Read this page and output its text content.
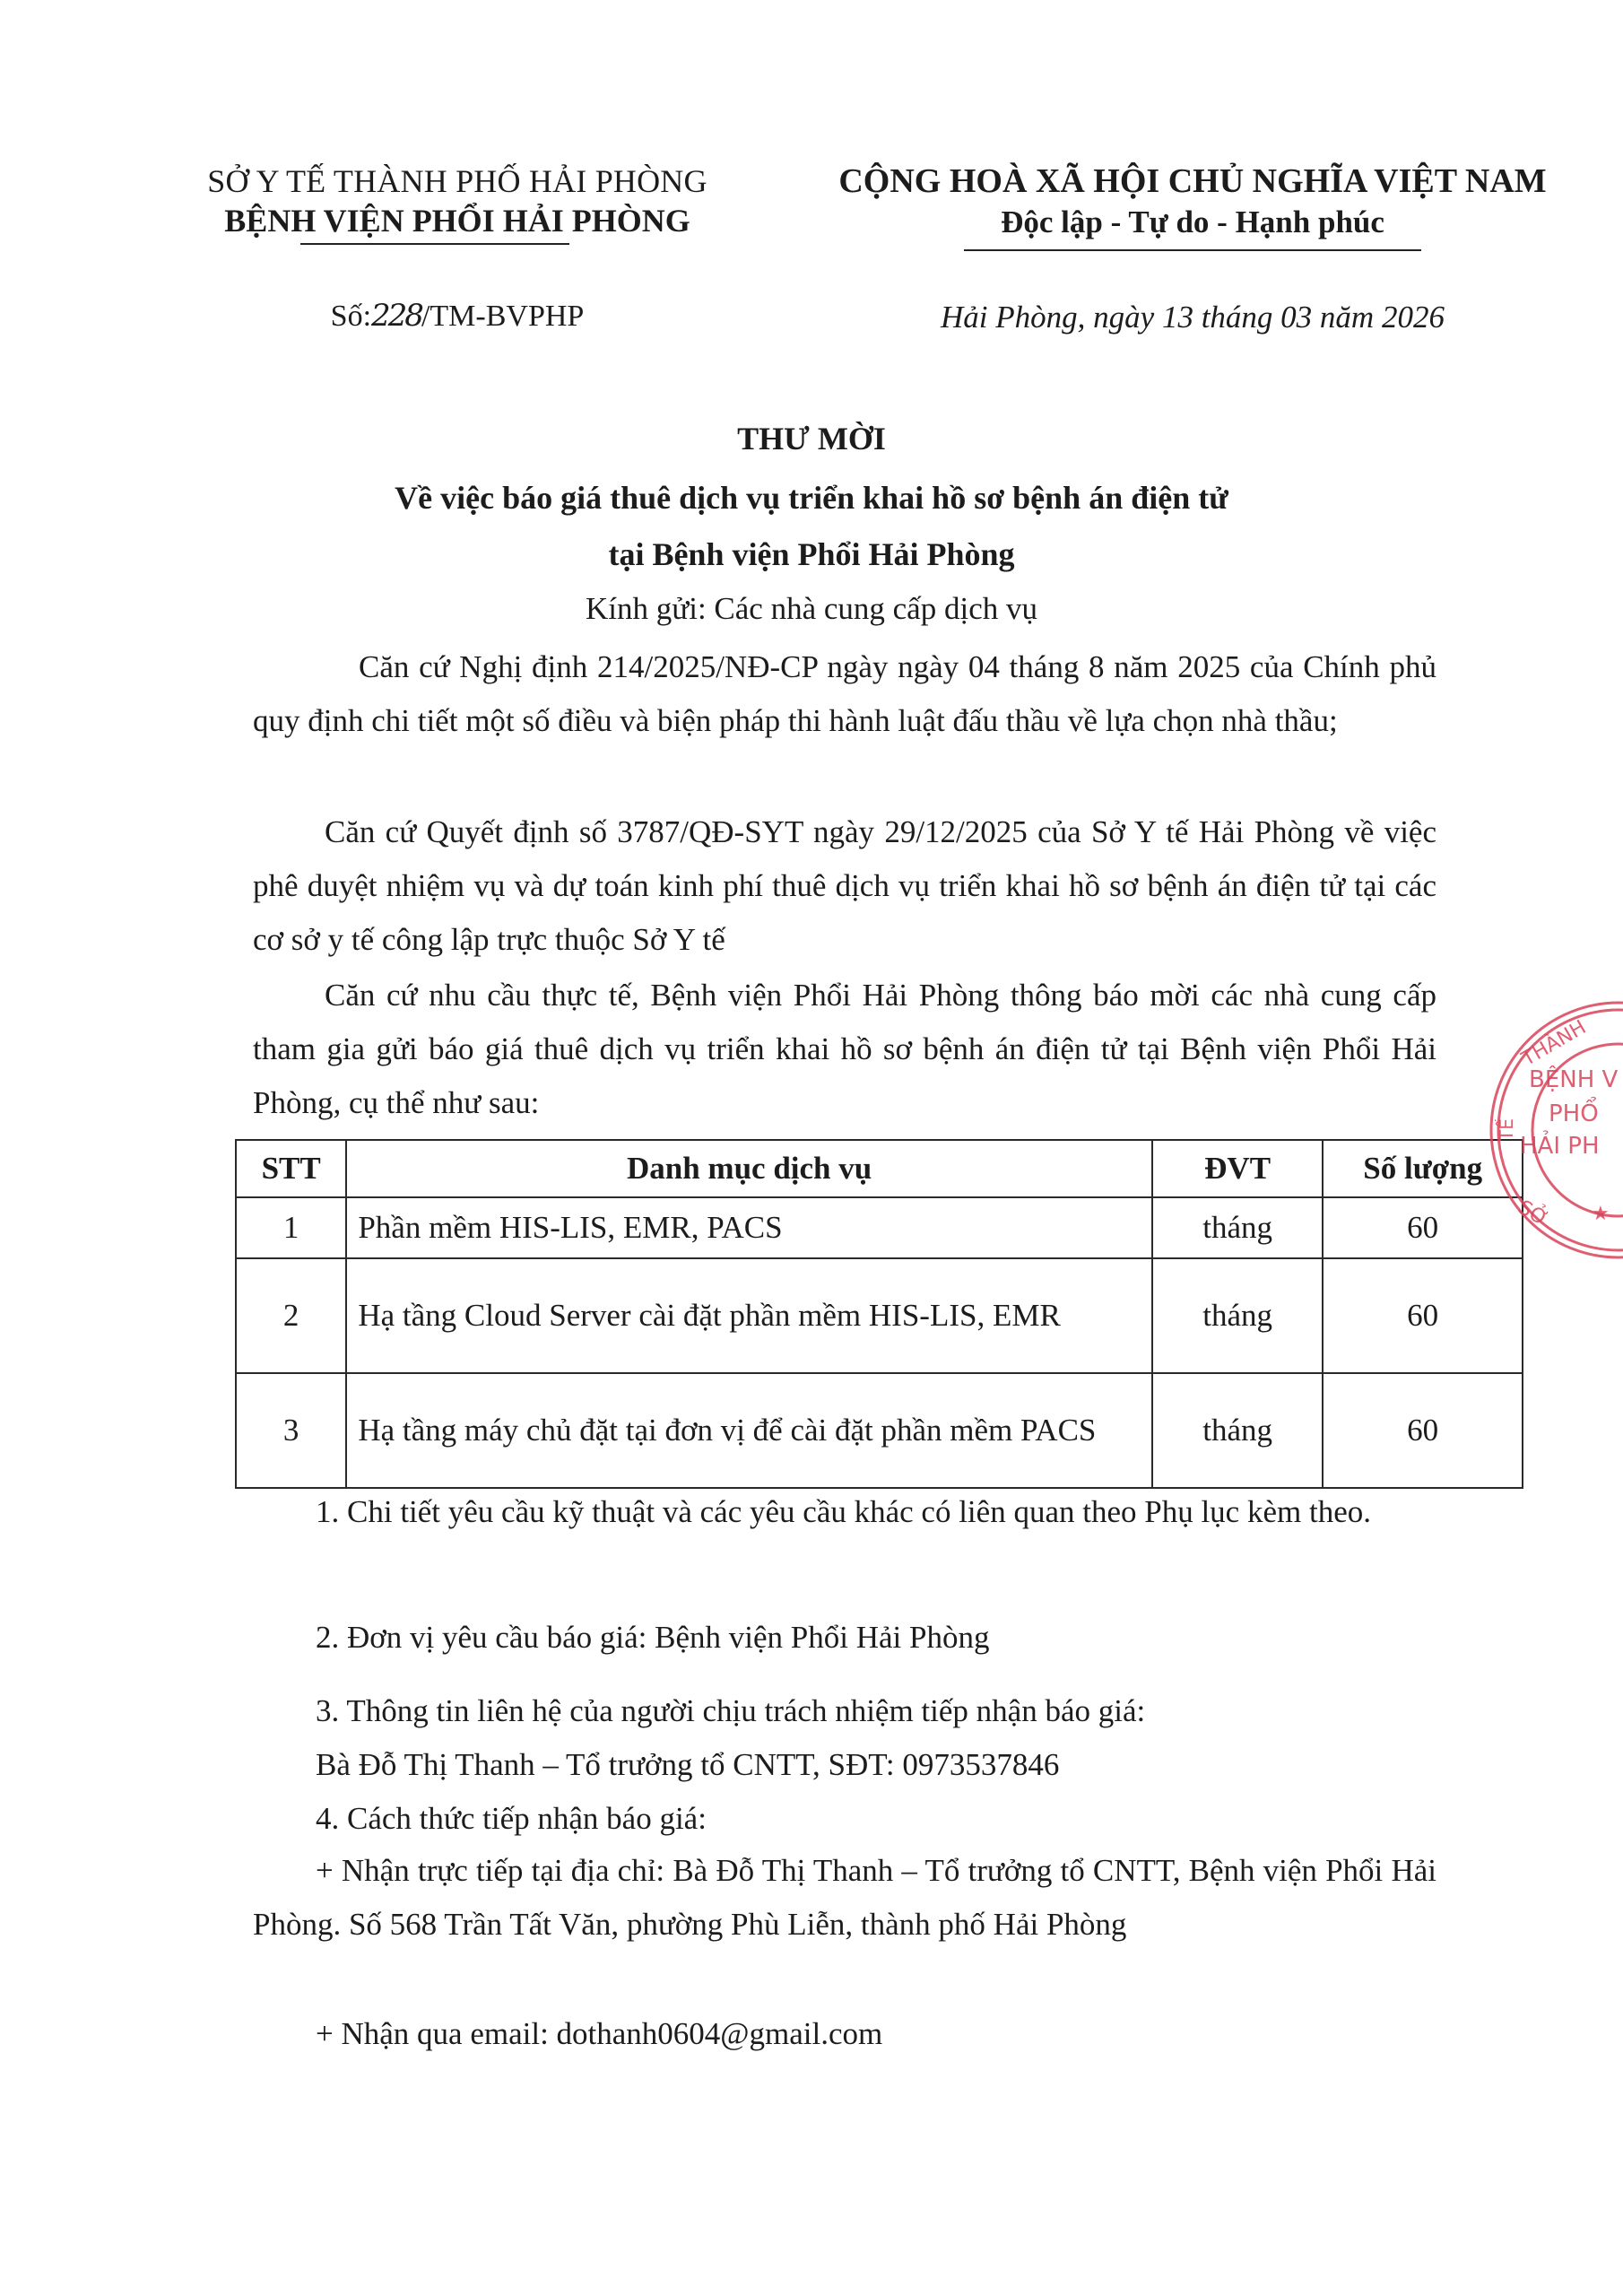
SỞ Y TẾ THÀNH PHỐ HẢI PHÒNG
BỆNH VIỆN PHỔI HẢI PHÒNG
Số:228/TM-BVPHP
CỘNG HOÀ XÃ HỘI CHỦ NGHĨA VIỆT NAM
Độc lập - Tự do - Hạnh phúc
Hải Phòng, ngày 13 tháng 03 năm 2026
THƯ MỜI
Về việc báo giá thuê dịch vụ triển khai hồ sơ bệnh án điện tử
tại Bệnh viện Phổi Hải Phòng
Kính gửi: Các nhà cung cấp dịch vụ
Căn cứ Nghị định 214/2025/NĐ-CP ngày ngày 04 tháng 8 năm 2025 của Chính phủ quy định chi tiết một số điều và biện pháp thi hành luật đấu thầu về lựa chọn nhà thầu;
Căn cứ Quyết định số 3787/QĐ-SYT ngày 29/12/2025 của Sở Y tế Hải Phòng về việc phê duyệt nhiệm vụ và dự toán kinh phí thuê dịch vụ triển khai hồ sơ bệnh án điện tử tại các cơ sở y tế công lập trực thuộc Sở Y tế
Căn cứ nhu cầu thực tế, Bệnh viện Phổi Hải Phòng thông báo mời các nhà cung cấp tham gia gửi báo giá thuê dịch vụ triển khai hồ sơ bệnh án điện tử tại Bệnh viện Phổi Hải Phòng, cụ thể như sau:
STT	Danh mục dịch vụ	ĐVT	Số lượng
1	Phần mềm HIS-LIS, EMR, PACS	tháng	60
2	Hạ tầng Cloud Server cài đặt phần mềm HIS-LIS, EMR	tháng	60
3	Hạ tầng máy chủ đặt tại đơn vị để cài đặt phần mềm PACS	tháng	60
1. Chi tiết yêu cầu kỹ thuật và các yêu cầu khác có liên quan theo Phụ lục kèm theo.
2. Đơn vị yêu cầu báo giá: Bệnh viện Phổi Hải Phòng
3. Thông tin liên hệ của người chịu trách nhiệm tiếp nhận báo giá:
Bà Đỗ Thị Thanh – Tổ trưởng tổ CNTT, SĐT: 0973537846
4. Cách thức tiếp nhận báo giá:
+ Nhận trực tiếp tại địa chỉ: Bà Đỗ Thị Thanh – Tổ trưởng tổ CNTT, Bệnh viện Phổi Hải Phòng. Số 568 Trần Tất Văn, phường Phù Liễn, thành phố Hải Phòng
+ Nhận qua email: dothanh0604@gmail.com
THÀNH
TẾ
BỆNH V
PHỔ
HẢI PH
SỞ ★
